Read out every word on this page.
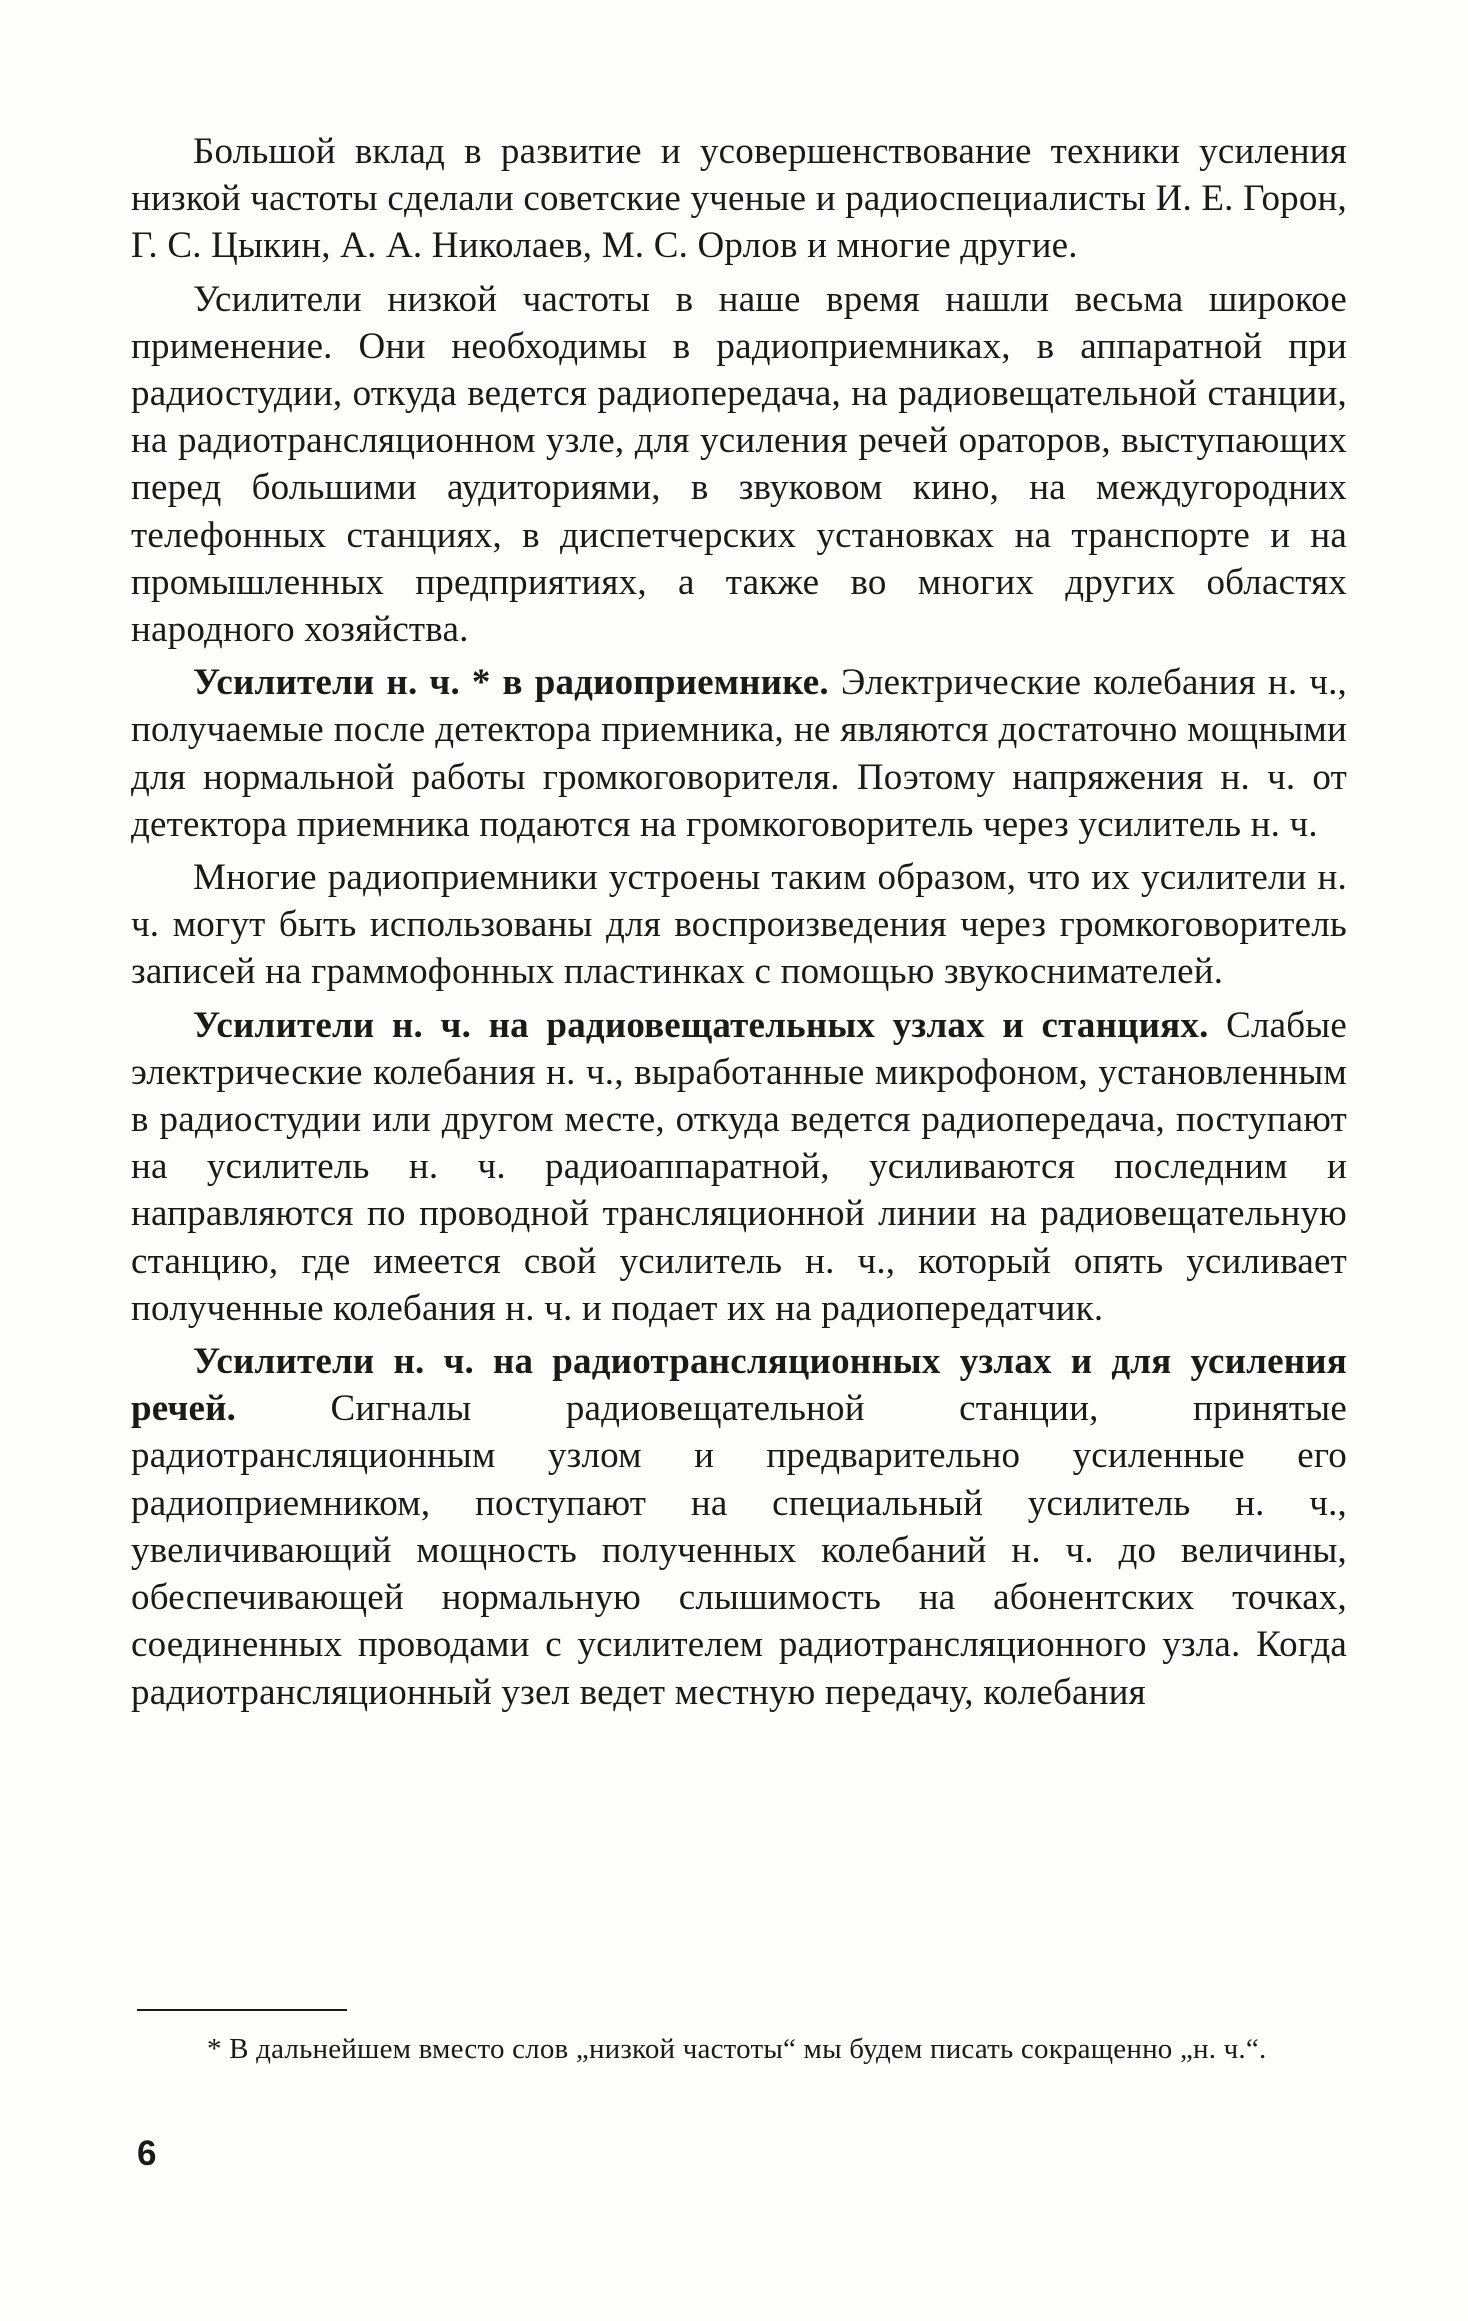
Большой вклад в развитие и усовершенствование техники усиления низкой частоты сделали советские ученые и радиоспециалисты И. Е. Горон, Г. С. Цыкин, А. А. Николаев, М. С. Орлов и многие другие.

Усилители низкой частоты в наше время нашли весьма широкое применение. Они необходимы в радиоприемниках, в аппаратной при радиостудии, откуда ведется радиопередача, на радиовещательной станции, на радиотрансляционном узле, для усиления речей ораторов, выступающих перед большими аудиториями, в звуковом кино, на междугородних телефонных станциях, в диспетчерских установках на транспорте и на промышленных предприятиях, а также во многих других областях народного хозяйства.

Усилители н. ч. * в радиоприемнике. Электрические колебания н. ч., получаемые после детектора приемника, не являются достаточно мощными для нормальной работы громкоговорителя. Поэтому напряжения н. ч. от детектора приемника подаются на громкоговоритель через усилитель н. ч.

Многие радиоприемники устроены таким образом, что их усилители н. ч. могут быть использованы для воспроизведения через громкоговоритель записей на граммофонных пластинках с помощью звукоснимателей.

Усилители н. ч. на радиовещательных узлах и станциях. Слабые электрические колебания н. ч., выработанные микрофоном, установленным в радиостудии или другом месте, откуда ведется радиопередача, поступают на усилитель н. ч. радиоаппаратной, усиливаются последним и направляются по проводной трансляционной линии на радиовещательную станцию, где имеется свой усилитель н. ч., который опять усиливает полученные колебания н. ч. и подает их на радиопередатчик.

Усилители н. ч. на радиотрансляционных узлах и для усиления речей. Сигналы радиовещательной станции, принятые радиотрансляционным узлом и предварительно усиленные его радиоприемником, поступают на специальный усилитель н. ч., увеличивающий мощность полученных колебаний н. ч. до величины, обеспечивающей нормальную слышимость на абонентских точках, соединенных проводами с усилителем радиотрансляционного узла. Когда радиотрансляционный узел ведет местную передачу, колебания

* В дальнейшем вместо слов „низкой частоты“ мы будем писать сокращенно „н. ч.“.

6
